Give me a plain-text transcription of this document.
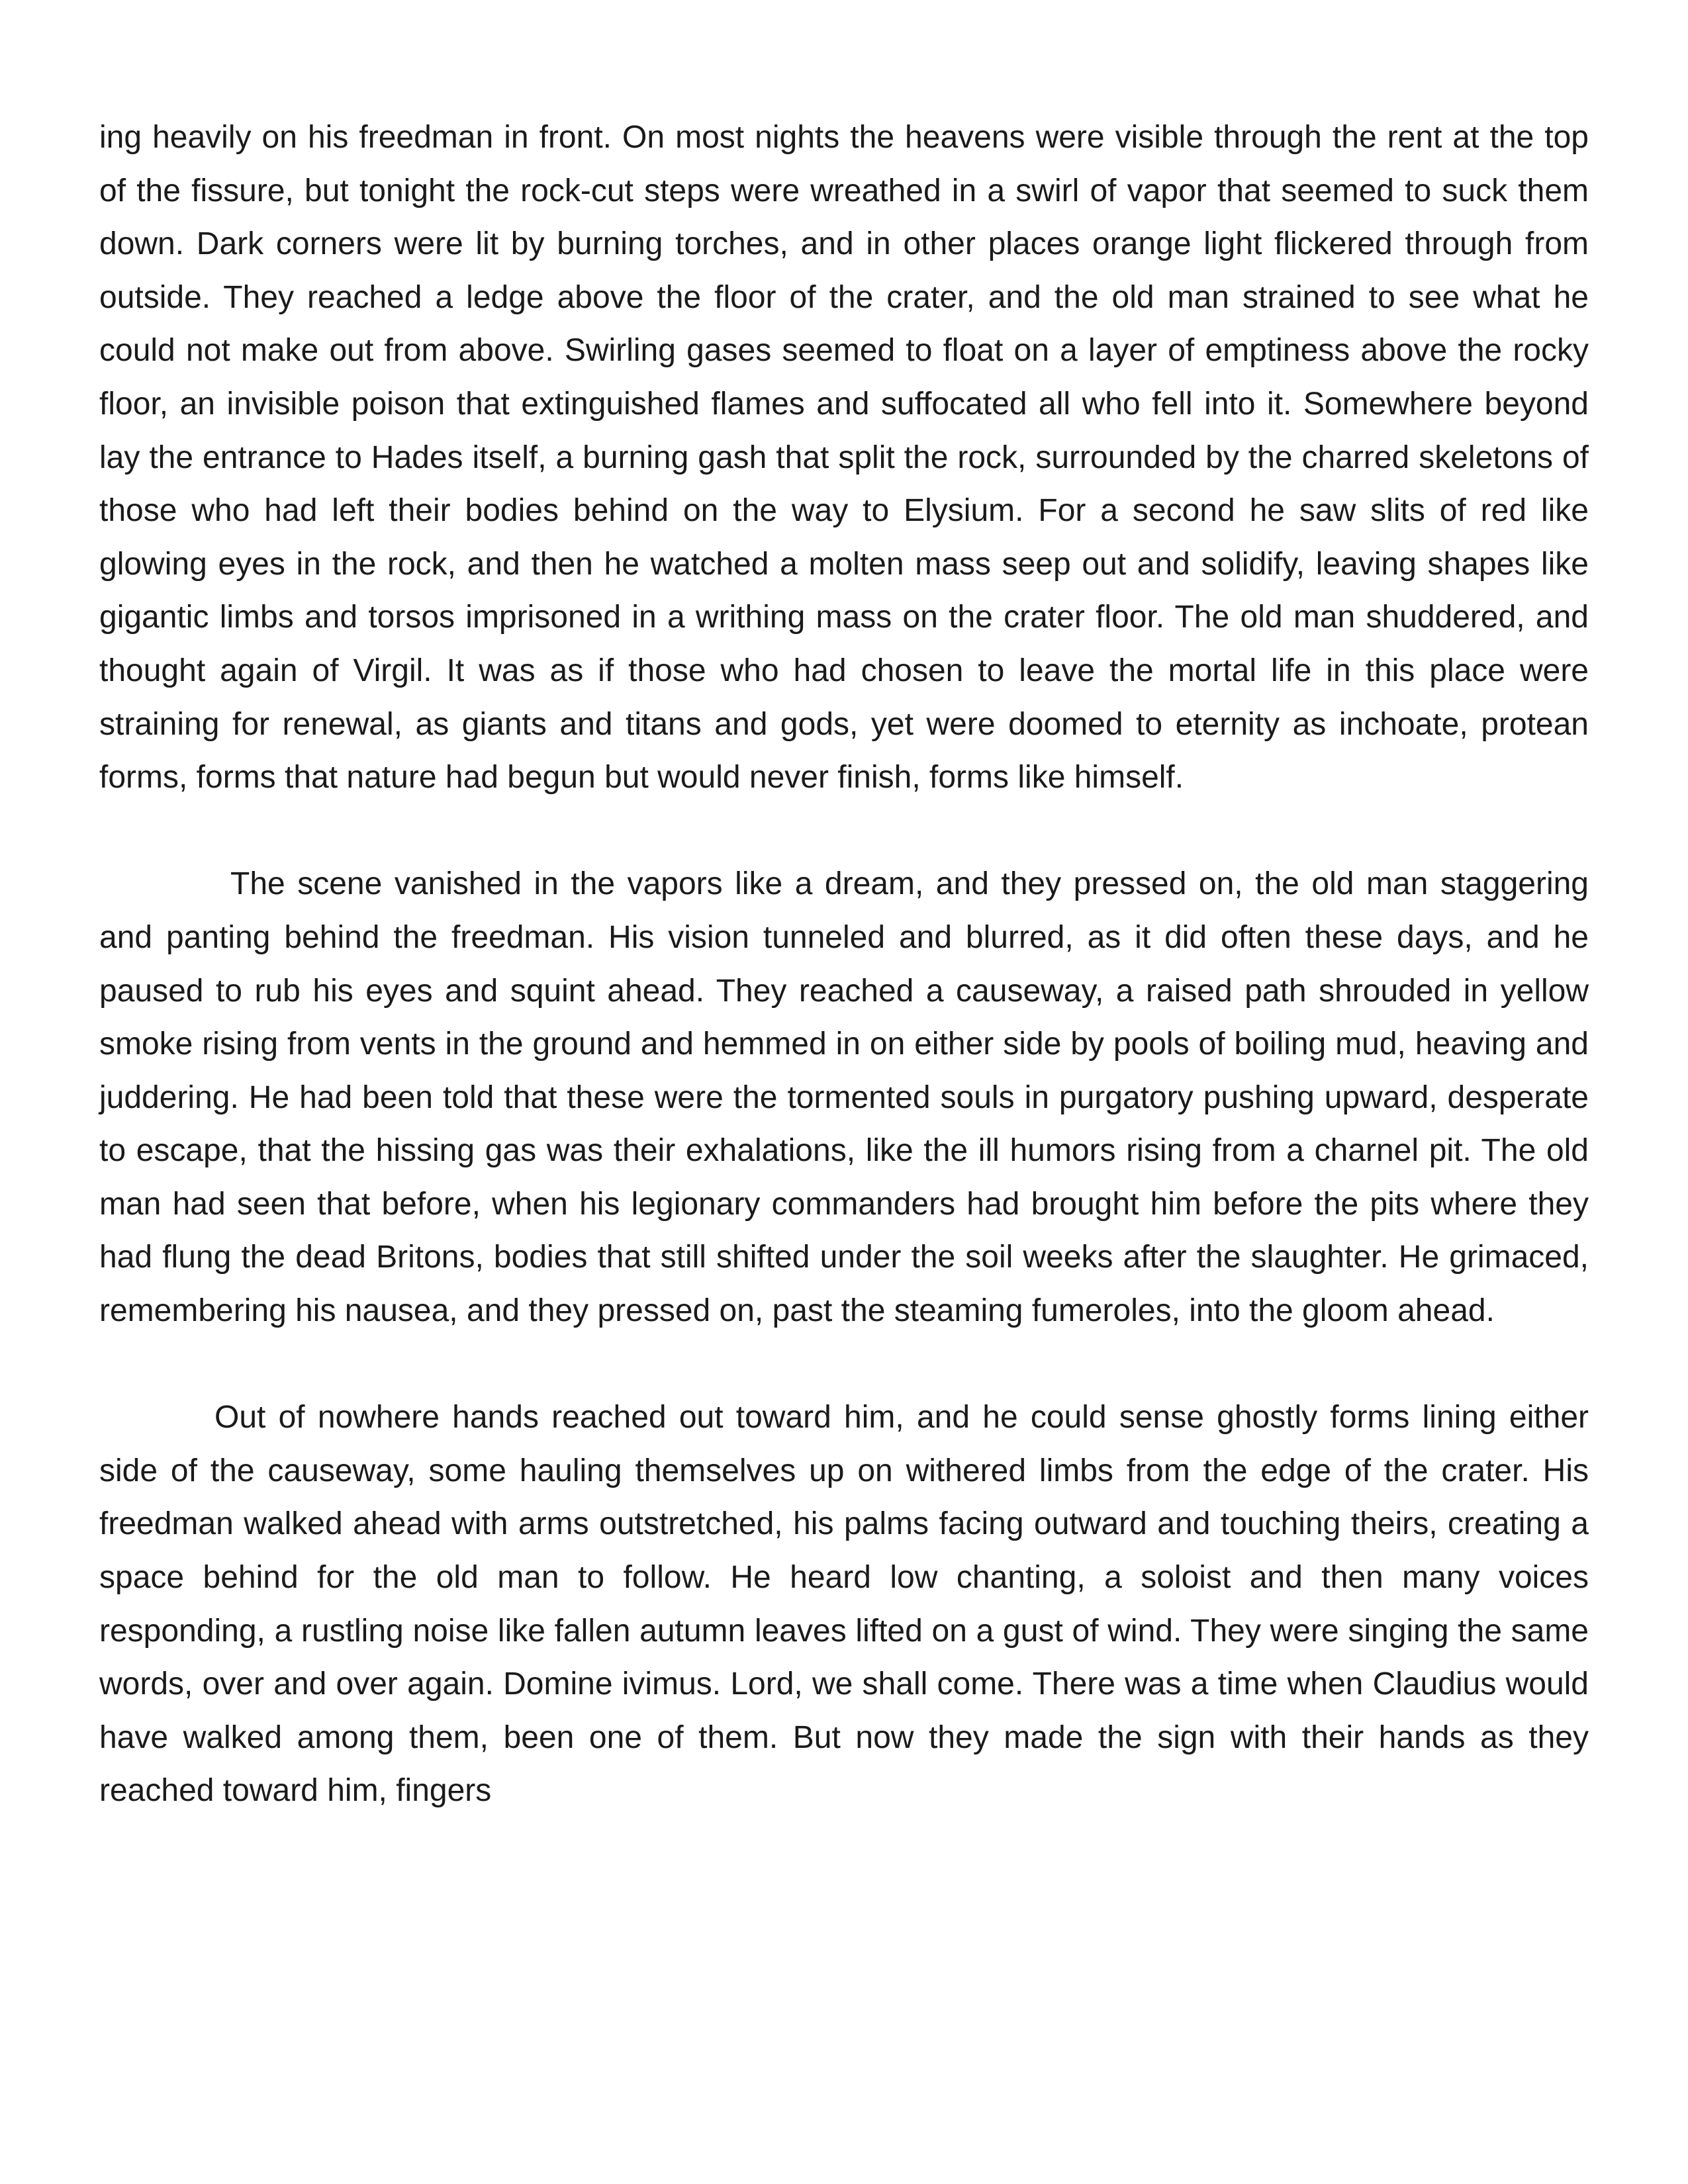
ing heavily on his freedman in front. On most nights the heavens were visible through the rent at the top of the fissure, but tonight the rock-cut steps were wreathed in a swirl of vapor that seemed to suck them down. Dark corners were lit by burning torches, and in other places orange light flickered through from outside. They reached a ledge above the floor of the crater, and the old man strained to see what he could not make out from above. Swirling gases seemed to float on a layer of emptiness above the rocky floor, an invisible poison that extinguished flames and suffocated all who fell into it. Somewhere beyond lay the entrance to Hades itself, a burning gash that split the rock, surrounded by the charred skeletons of those who had left their bodies behind on the way to Elysium. For a second he saw slits of red like glowing eyes in the rock, and then he watched a molten mass seep out and solidify, leaving shapes like gigantic limbs and torsos imprisoned in a writhing mass on the crater floor. The old man shuddered, and thought again of Virgil. It was as if those who had chosen to leave the mortal life in this place were straining for renewal, as giants and titans and gods, yet were doomed to eternity as inchoate, protean forms, forms that nature had begun but would never finish, forms like himself.

The scene vanished in the vapors like a dream, and they pressed on, the old man staggering and panting behind the freedman. His vision tunneled and blurred, as it did often these days, and he paused to rub his eyes and squint ahead. They reached a causeway, a raised path shrouded in yellow smoke rising from vents in the ground and hemmed in on either side by pools of boiling mud, heaving and juddering. He had been told that these were the tormented souls in purgatory pushing upward, desperate to escape, that the hissing gas was their exhalations, like the ill humors rising from a charnel pit. The old man had seen that before, when his legionary commanders had brought him before the pits where they had flung the dead Britons, bodies that still shifted under the soil weeks after the slaughter. He grimaced, remembering his nausea, and they pressed on, past the steaming fumeroles, into the gloom ahead.

Out of nowhere hands reached out toward him, and he could sense ghostly forms lining either side of the causeway, some hauling themselves up on withered limbs from the edge of the crater. His freedman walked ahead with arms outstretched, his palms facing outward and touching theirs, creating a space behind for the old man to follow. He heard low chanting, a soloist and then many voices responding, a rustling noise like fallen autumn leaves lifted on a gust of wind. They were singing the same words, over and over again. Domine ivimus. Lord, we shall come. There was a time when Claudius would have walked among them, been one of them. But now they made the sign with their hands as they reached toward him, fingers
